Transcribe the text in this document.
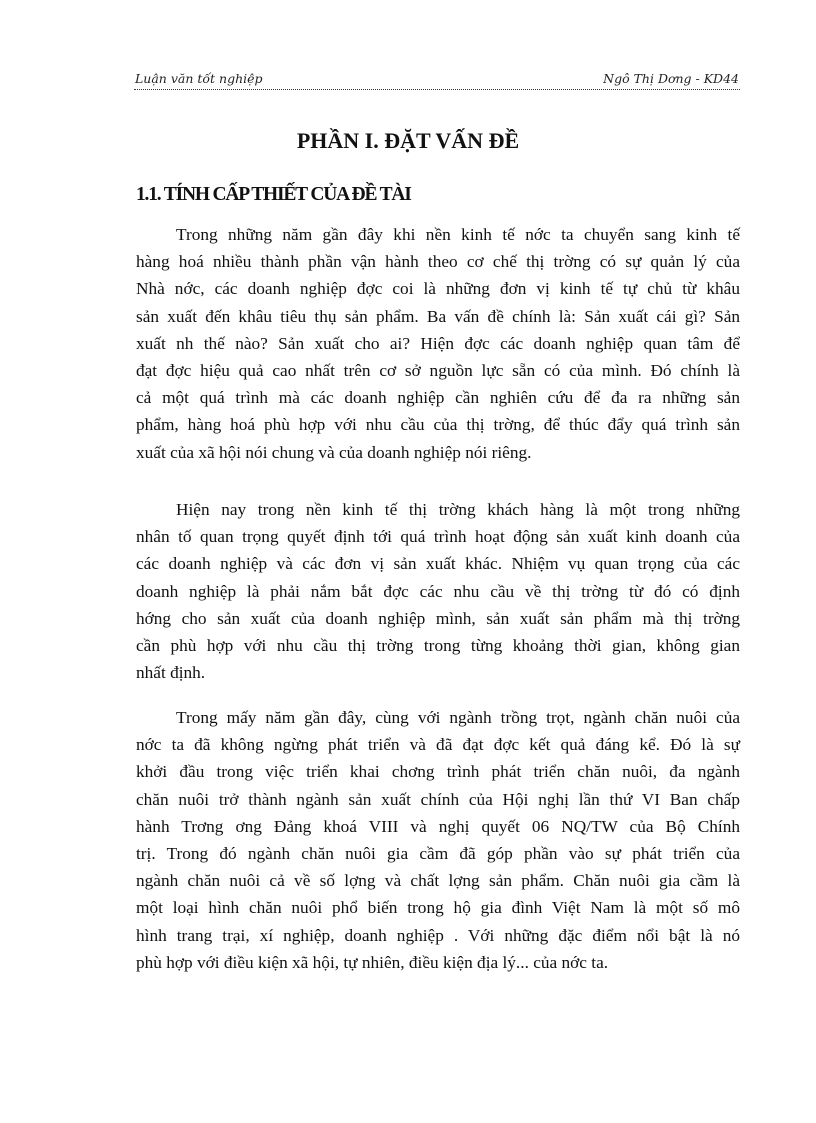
Luận văn tốt nghiệp	Ngô Thị Dơng - KD44
PHẦN I. ĐẶT VẤN ĐỀ
1.1. TÍNH CẤP THIẾT CỦA ĐỀ TÀI
Trong những năm gần đây khi nền kinh tế nớc ta chuyển sang kinh tế
hàng hoá nhiều thành phần vận hành theo cơ chế thị trờng có sự quản lý của
Nhà nớc, các doanh nghiệp đợc coi là những đơn vị kinh tế tự chủ từ khâu
sản xuất đến khâu tiêu thụ sản phẩm. Ba vấn đề chính là: Sản xuất cái gì? Sản
xuất nh thế nào? Sản xuất cho ai? Hiện đợc các doanh nghiệp quan tâm để
đạt đợc hiệu quả cao nhất trên cơ sở nguồn lực sẵn có của mình. Đó chính là
cả một quá trình mà các doanh nghiệp cần nghiên cứu để đa ra những sản
phẩm, hàng hoá phù hợp với nhu cầu của thị trờng, để thúc đẩy quá trình sản
xuất của xã hội nói chung và của doanh nghiệp nói riêng.
Hiện nay trong nền kinh tế thị trờng khách hàng là một trong những
nhân tố quan trọng quyết định tới quá trình hoạt động sản xuất kinh doanh của
các doanh nghiệp và các đơn vị sản xuất khác. Nhiệm vụ quan trọng của các
doanh nghiệp là phải nắm bắt đợc các nhu cầu về thị trờng từ đó có định
hớng cho sản xuất của doanh nghiệp mình, sản xuất sản phẩm mà thị trờng
cần phù hợp với nhu cầu thị trờng trong từng khoảng thời gian, không gian
nhất định.
Trong mấy năm gần đây, cùng với ngành trồng trọt, ngành chăn nuôi của
nớc ta đã không ngừng phát triển và đã đạt đợc kết quả đáng kể. Đó là sự
khởi đầu trong việc triển khai chơng trình phát triển chăn nuôi, đa ngành
chăn nuôi trở thành ngành sản xuất chính của Hội nghị lần thứ VI Ban chấp
hành Trơng ơng Đảng khoá VIII và nghị quyết 06 NQ/TW của Bộ Chính
trị. Trong đó ngành chăn nuôi gia cầm đã góp phần vào sự phát triển của
ngành chăn nuôi cả về số lợng và chất lợng sản phẩm. Chăn nuôi gia cầm là
một loại hình chăn nuôi phổ biến trong hộ gia đình Việt Nam là một số mô
hình trang trại, xí nghiệp, doanh nghiệp . Với những đặc điểm nổi bật là nó
phù hợp với điều kiện xã hội, tự nhiên, điều kiện địa lý... của nớc ta.
